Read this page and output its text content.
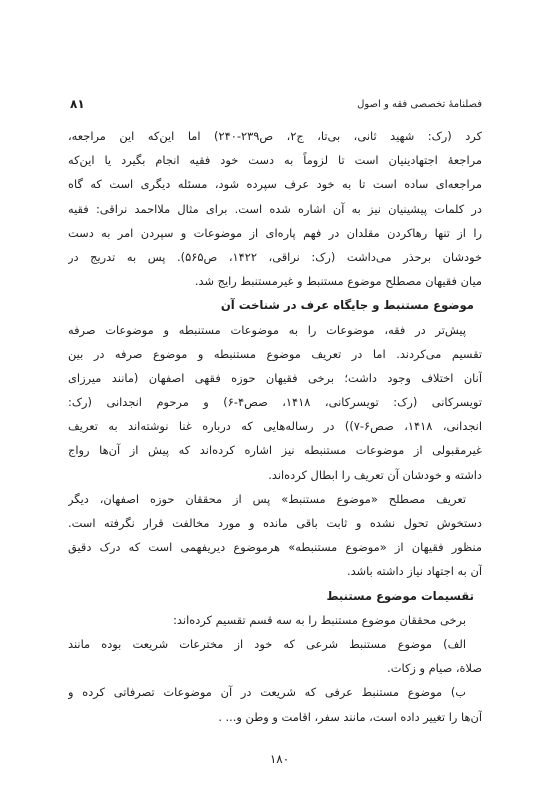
فصلنامهٔ تخصصی فقه و اصول
۸۱
کرد (رک: شهید ثانی، بی‌تا، ج۲، ص۲۳۹-۲۴۰) اما این‌که این مراجعه،
مراجعهٔ اجتهادینیان است تا لزوماً به دست خود فقیه انجام بگیرد یا این‌که
مراجعه‌ای ساده است تا به خود عرف سپرده شود، مسئله دیگری است که گاه
در کلمات پیشینیان نیز به آن اشاره شده است. برای مثال ملااحمد نراقی: فقیه
را از تنها رهاکردن مقلدان در فهم پاره‌ای از موضوعات و سپردن امر به دست
خودشان برحذر می‌داشت (رک: نراقی، ۱۴۲۲، ص۵۶۵). پس به تدریج در
میان فقیهان مصطلح موضوع مستنبط و غیرمستنبط رایج شد.
موضوع مستنبط و جایگاه عرف در شناخت آن
پیش‌تر در فقه، موضوعات را به موضوعات مستنبطه و موضوعات صرفه
تقسیم می‌کردند. اما در تعریف موضوع مستنبطه و موضوع صرفه در بین
آنان اختلاف وجود داشت؛ برخی فقیهان حوزه فقهی اصفهان (مانند میرزای
تویسرکانی (رک: تویسرکانی، ۱۴۱۸، صص۴-۶) و مرحوم انجدانی (رک:
انجدانی، ۱۴۱۸، صص۶-۷)) در رساله‌هایی که درباره غنا نوشته‌اند به تعریف
غیرمقبولی از موضوعات مستنبطه نیز اشاره کرده‌اند که پیش از آن‌ها رواج
داشته و خودشان آن تعریف را ابطال کرده‌اند.
تعریف مصطلح «موضوع مستنبط» پس از محققان حوزه اصفهان، دیگر
دستخوش تحول نشده و ثابت باقی مانده و مورد مخالفت قرار نگرفته است.
منظور فقیهان از «موضوع مستنبطه» هرموضوع دیریفهمی است که درک دقیق
آن به اجتهاد نیاز داشته باشد.
تقسیمات موضوع مستنبط
برخی محققان موضوع مستنبط را به سه قسم تقسیم کرده‌اند:
الف) موضوع مستنبط شرعی که خود از مخترعات شریعت بوده مانند
صلاة، صیام و زکات.
ب) موضوع مستنبط عرفی که شریعت در آن موضوعات تصرفاتی کرده و
آن‌ها را تغییر داده است، مانند سفر، اقامت و وطن و... .
۱۸۰
